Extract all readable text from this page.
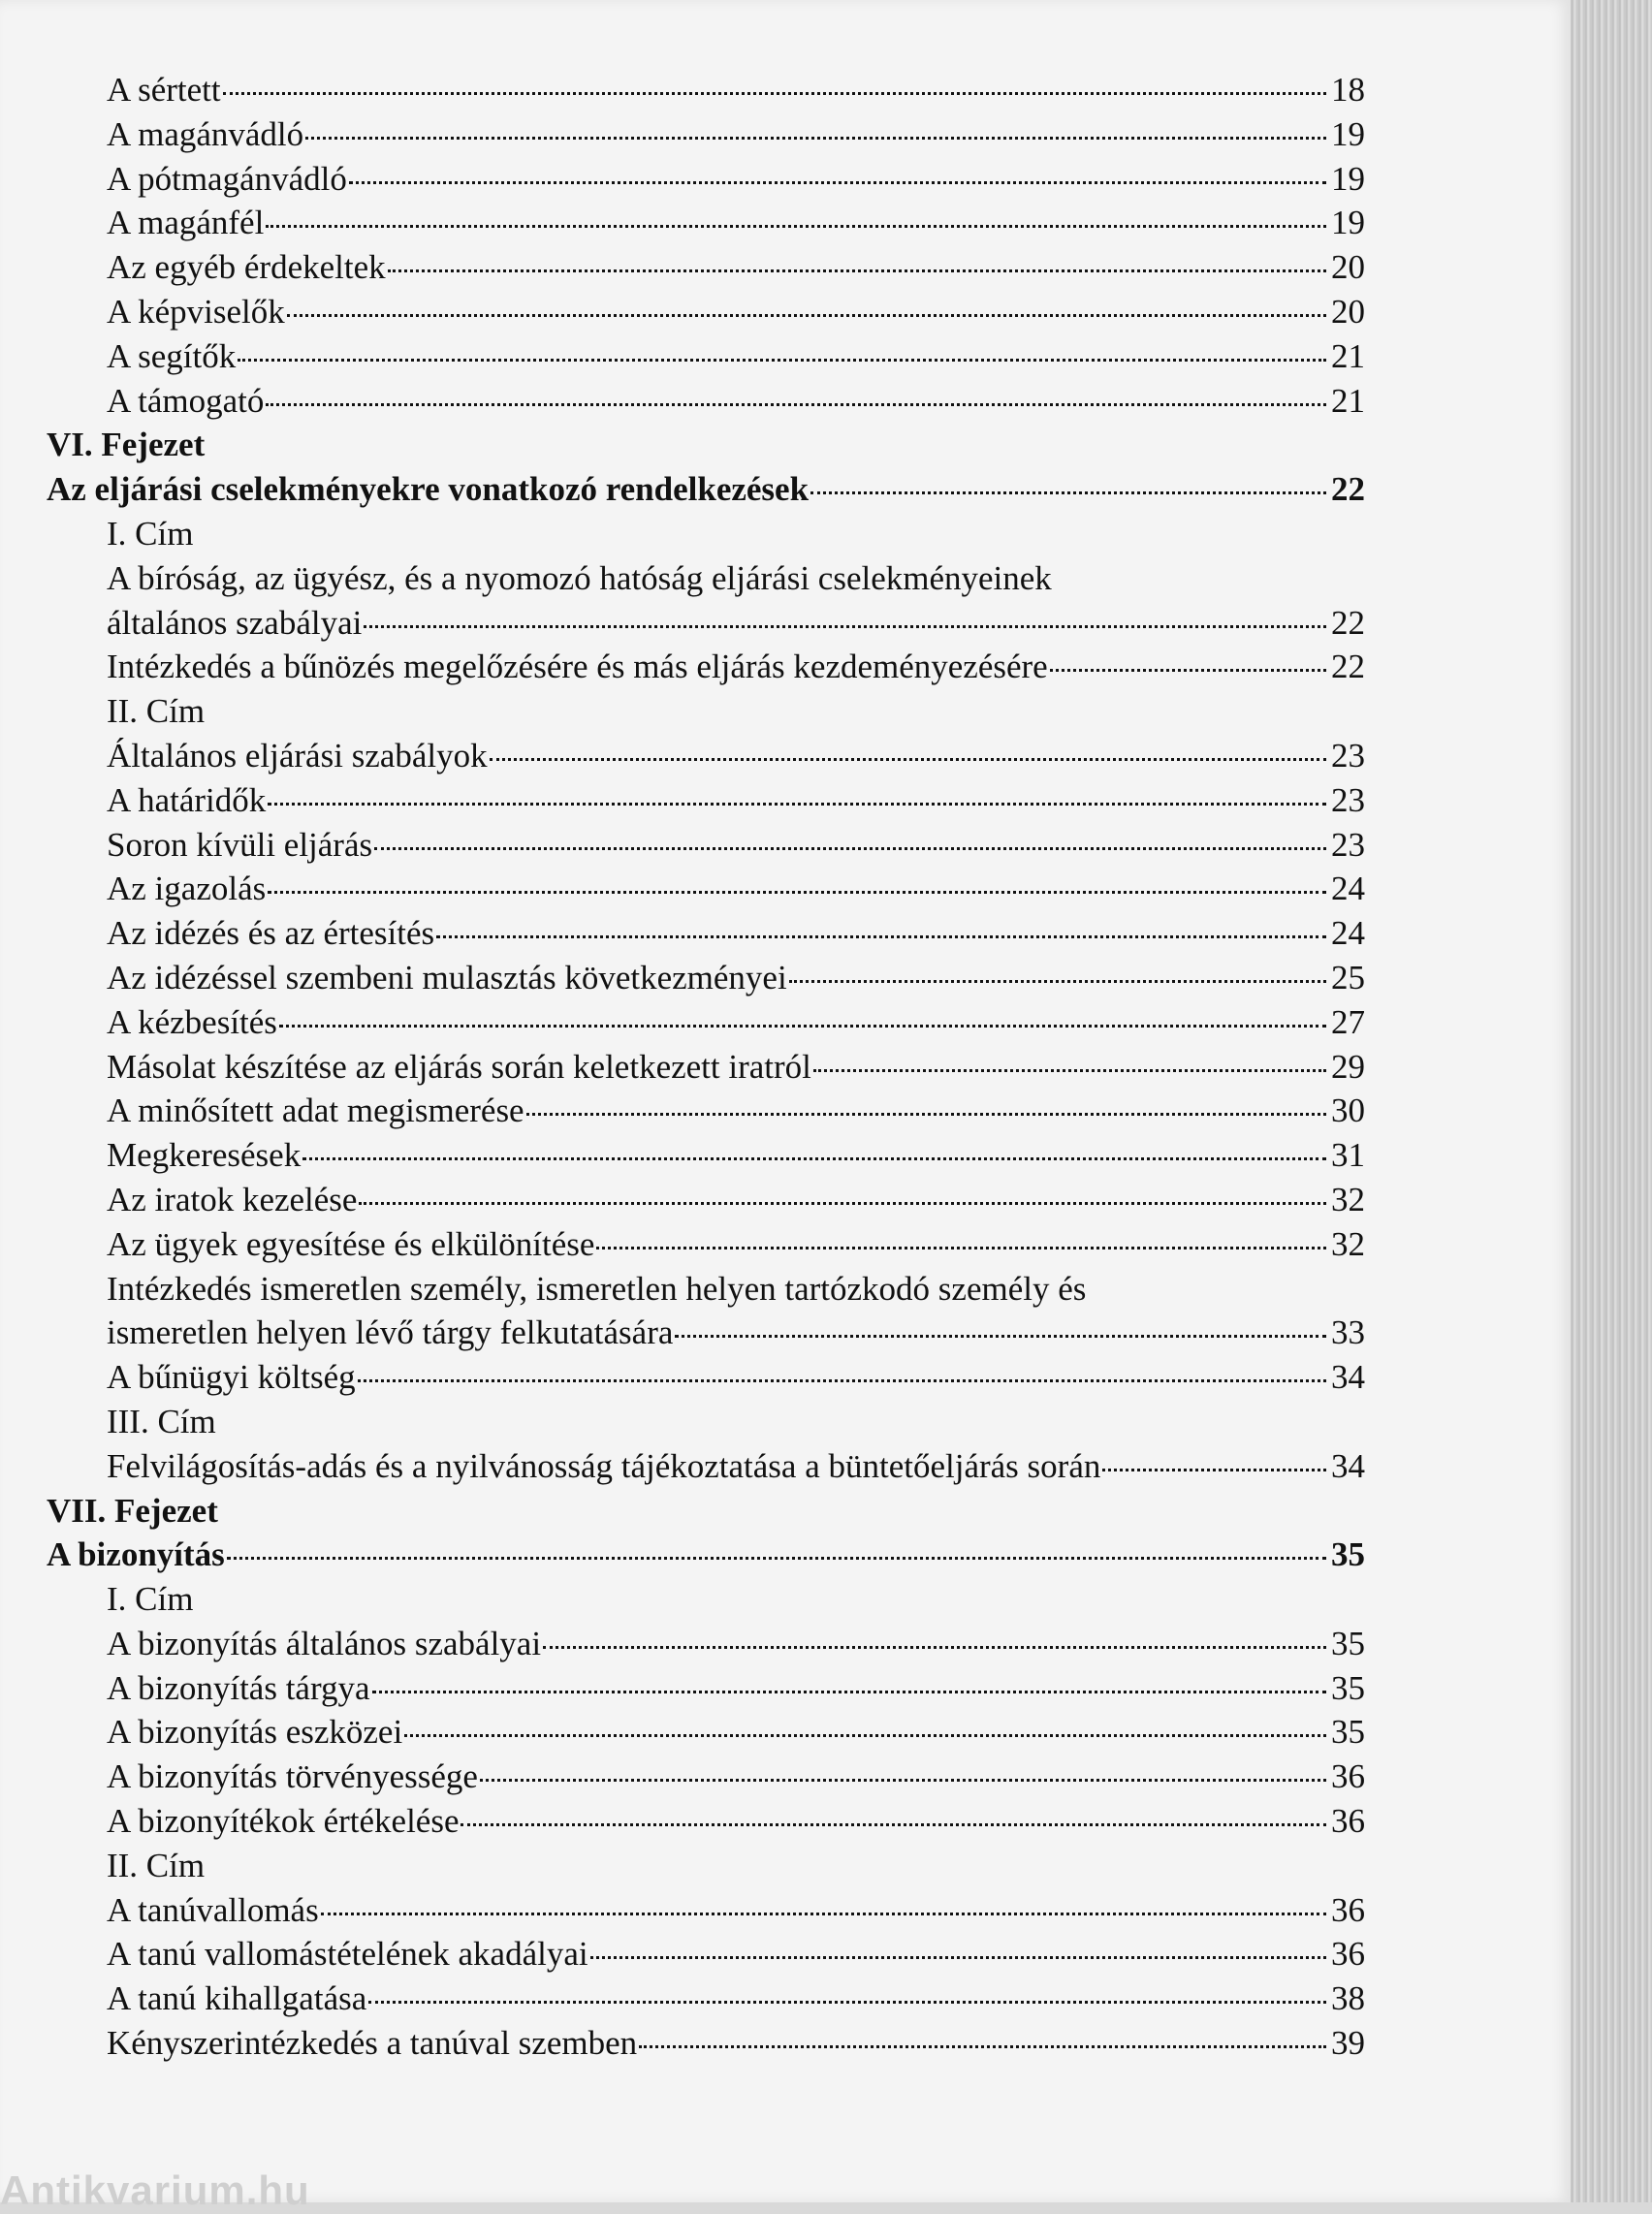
A sértett	18
A magánvádló	19
A pótmagánvádló	19
A magánfél	19
Az egyéb érdekeltek	20
A képviselők	20
A segítők	21
A támogató	21
VI. Fejezet
Az eljárási cselekményekre vonatkozó rendelkezések	22
I. Cím
A bíróság, az ügyész, és a nyomozó hatóság eljárási cselekményeinek
általános szabályai	22
Intézkedés a bűnözés megelőzésére és más eljárás kezdeményezésére	22
II. Cím
Általános eljárási szabályok	23
A határidők	23
Soron kívüli eljárás	23
Az igazolás	24
Az idézés és az értesítés	24
Az idézéssel szembeni mulasztás következményei	25
A kézbesítés	27
Másolat készítése az eljárás során keletkezett iratról	29
A minősített adat megismerése	30
Megkeresések	31
Az iratok kezelése	32
Az ügyek egyesítése és elkülönítése	32
Intézkedés ismeretlen személy, ismeretlen helyen tartózkodó személy és
ismeretlen helyen lévő tárgy felkutatására	33
A bűnügyi költség	34
III. Cím
Felvilágosítás-adás és a nyilvánosság tájékoztatása a büntetőeljárás során	34
VII. Fejezet
A bizonyítás	35
I. Cím
A bizonyítás általános szabályai	35
A bizonyítás tárgya	35
A bizonyítás eszközei	35
A bizonyítás törvényessége	36
A bizonyítékok értékelése	36
II. Cím
A tanúvallomás	36
A tanú vallomástételének akadályai	36
A tanú kihallgatása	38
Kényszerintézkedés a tanúval szemben	39
Antikvarium.hu
